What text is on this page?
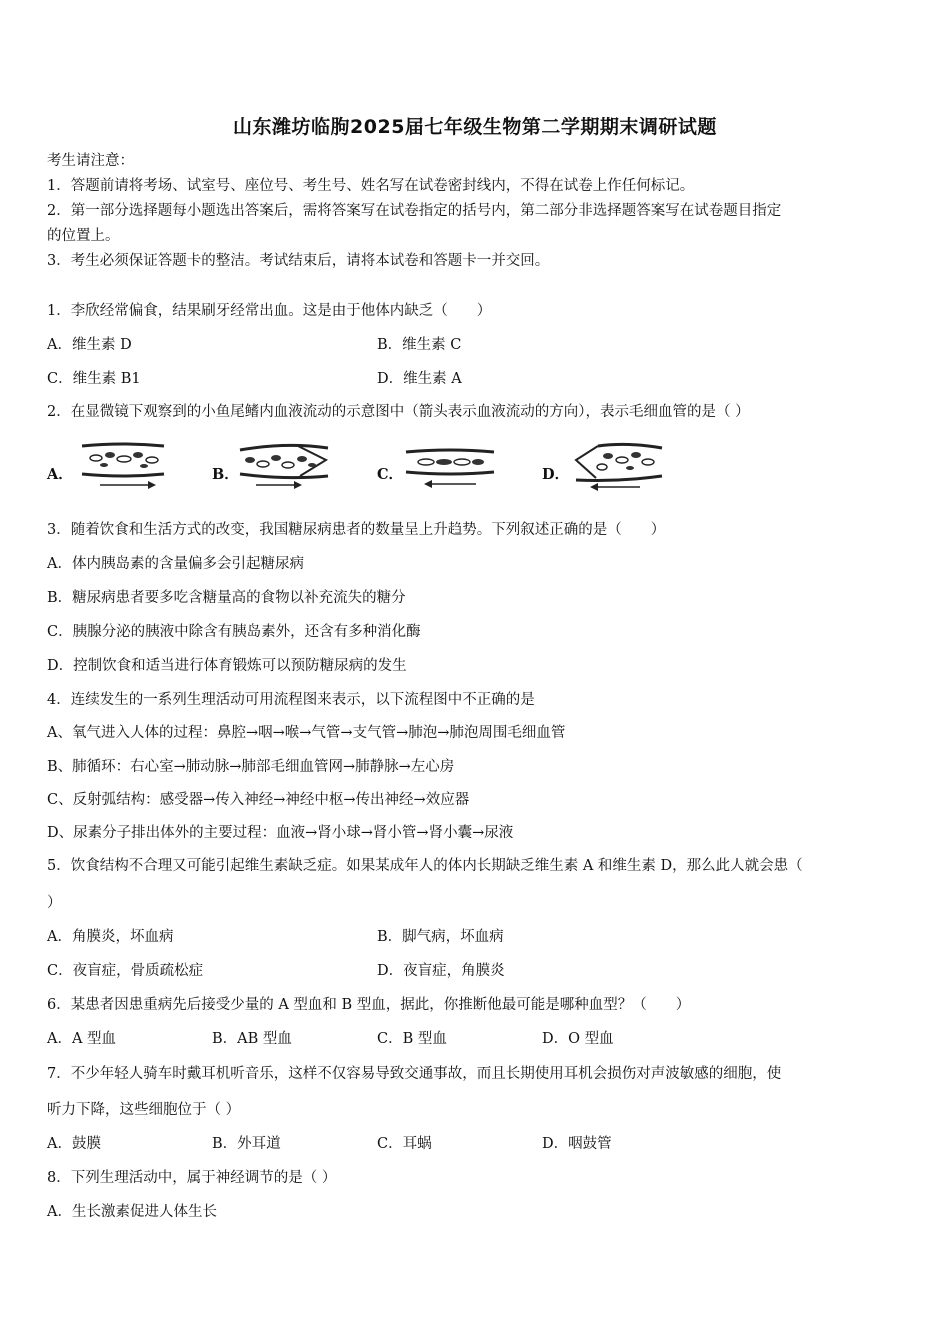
山东潍坊临朐2025届七年级生物第二学期期末调研试题
考生请注意：
1．答题前请将考场、试室号、座位号、考生号、姓名写在试卷密封线内，不得在试卷上作任何标记。
2．第一部分选择题每小题选出答案后，需将答案写在试卷指定的括号内，第二部分非选择题答案写在试卷题目指定
的位置上。
3．考生必须保证答题卡的整洁。考试结束后，请将本试卷和答题卡一并交回。
1．李欣经常偏食，结果刷牙经常出血。这是由于他体内缺乏（　　）
A．维生素 D	B．维生素 C
C．维生素 B1	D．维生素 A
2．在显微镜下观察到的小鱼尾鳍内血液流动的示意图中（箭头表示血液流动的方向），表示毛细血管的是（ ）
A．	B．	C．	D．
3．随着饮食和生活方式的改变，我国糖尿病患者的数量呈上升趋势。下列叙述正确的是（　　）
A．体内胰岛素的含量偏多会引起糖尿病
B．糖尿病患者要多吃含糖量高的食物以补充流失的糖分
C．胰腺分泌的胰液中除含有胰岛素外，还含有多种消化酶
D．控制饮食和适当进行体育锻炼可以预防糖尿病的发生
4．连续发生的一系列生理活动可用流程图来表示，以下流程图中不正确的是
A、氧气进入人体的过程：鼻腔→咽→喉→气管→支气管→肺泡→肺泡周围毛细血管
B、肺循环：右心室→肺动脉→肺部毛细血管网→肺静脉→左心房
C、反射弧结构：感受器→传入神经→神经中枢→传出神经→效应器
D、尿素分子排出体外的主要过程：血液→肾小球→肾小管→肾小囊→尿液
5．饮食结构不合理又可能引起维生素缺乏症。如果某成年人的体内长期缺乏维生素 A 和维生素 D，那么此人就会患（
）
A．角膜炎，坏血病	B．脚气病，坏血病
C．夜盲症，骨质疏松症	D．夜盲症，角膜炎
6．某患者因患重病先后接受少量的 A 型血和 B 型血，据此，你推断他最可能是哪种血型？（　　）
A．A 型血	B．AB 型血	C．B 型血	D．O 型血
7．不少年轻人骑车时戴耳机听音乐，这样不仅容易导致交通事故，而且长期使用耳机会损伤对声波敏感的细胞，使
听力下降，这些细胞位于（ ）
A．鼓膜	B．外耳道	C．耳蜗	D．咽鼓管
8．下列生理活动中，属于神经调节的是（ ）
A．生长激素促进人体生长
